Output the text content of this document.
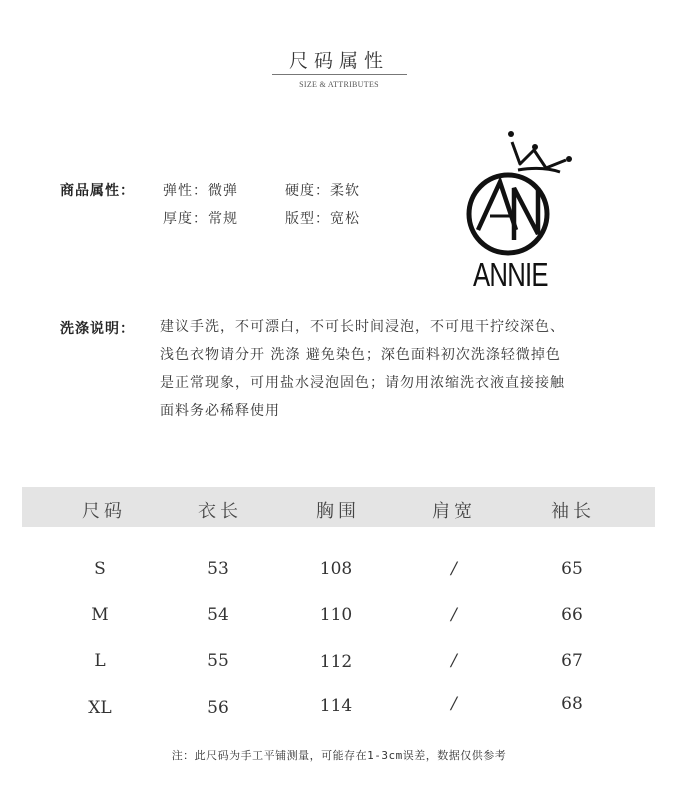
尺码属性
SIZE & ATTRIBUTES
商品属性： 弹性：微弹	硬度：柔软
厚度：常规	版型：宽松
ANNIE
洗涤说明： 建议手洗，不可漂白，不可长时间浸泡，不可甩干拧绞深色、
浅色衣物请分开 洗涤 避免染色；深色面料初次洗涤轻微掉色
是正常现象，可用盐水浸泡固色；请勿用浓缩洗衣液直接接触
面料务必稀释使用
尺码	衣长	胸围	肩宽	袖长
S	53	108	/	65
M	54	110	/	66
L	55	112	/	67
XL	56	114	/	68
注：此尺码为手工平铺测量，可能存在1-3cm误差，数据仅供参考
